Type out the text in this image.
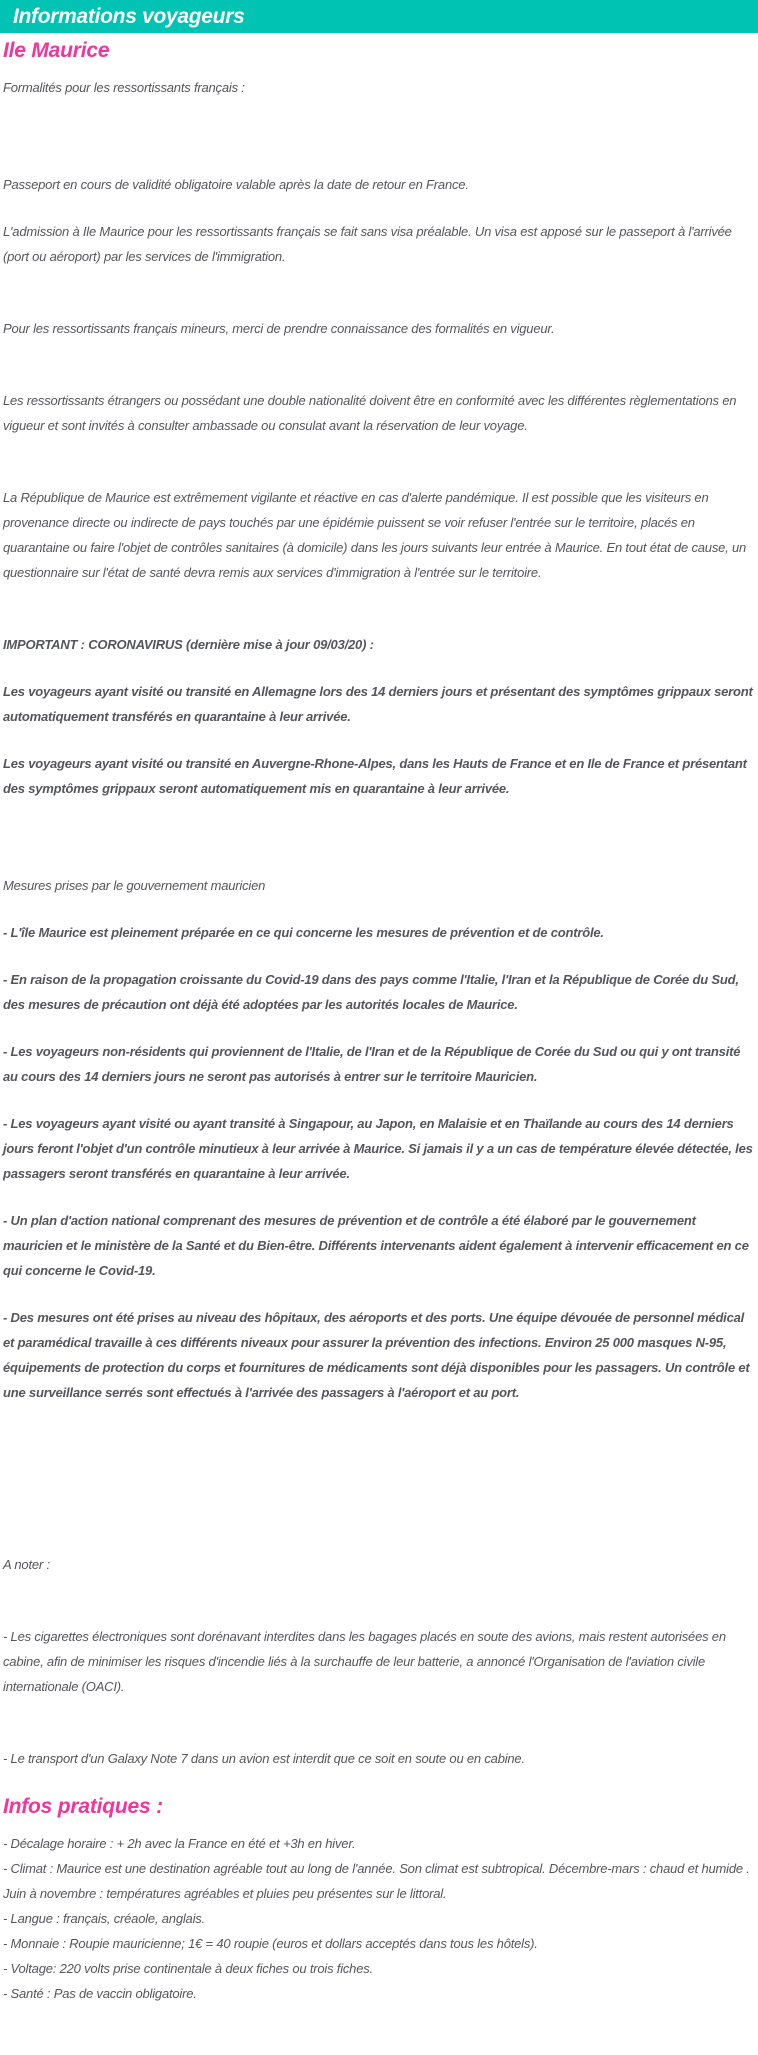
Informations voyageurs
Ile Maurice

Formalités pour les ressortissants français :

Passeport en cours de validité obligatoire valable après la date de retour en France.

L'admission à Ile Maurice pour les ressortissants français se fait sans visa préalable. Un visa est apposé sur le passeport à l'arrivée (port ou aéroport) par les services de l'immigration.

Pour les ressortissants français mineurs, merci de prendre connaissance des formalités en vigueur.

Les ressortissants étrangers ou possédant une double nationalité doivent être en conformité avec les différentes règlementations en vigueur et sont invités à consulter ambassade ou consulat avant la réservation de leur voyage.

La République de Maurice est extrêmement vigilante et réactive en cas d'alerte pandémique. Il est possible que les visiteurs en provenance directe ou indirecte de pays touchés par une épidémie puissent se voir refuser l'entrée sur le territoire, placés en quarantaine ou faire l'objet de contrôles sanitaires (à domicile) dans les jours suivants leur entrée à Maurice. En tout état de cause, un questionnaire sur l'état de santé devra remis aux services d'immigration à l'entrée sur le territoire.

IMPORTANT : CORONAVIRUS (dernière mise à jour 09/03/20) :

Les voyageurs ayant visité ou transité en Allemagne lors des 14 derniers jours et présentant des symptômes grippaux seront automatiquement transférés en quarantaine à leur arrivée.

Les voyageurs ayant visité ou transité en Auvergne-Rhone-Alpes, dans les Hauts de France et en Ile de France et présentant des symptômes grippaux seront automatiquement mis en quarantaine à leur arrivée.

Mesures prises par le gouvernement mauricien

- L'île Maurice est pleinement préparée en ce qui concerne les mesures de prévention et de contrôle.

- En raison de la propagation croissante du Covid-19 dans des pays comme l'Italie, l'Iran et la République de Corée du Sud, des mesures de précaution ont déjà été adoptées par les autorités locales de Maurice.

- Les voyageurs non-résidents qui proviennent de l'Italie, de l'Iran et de la République de Corée du Sud ou qui y ont transité au cours des 14 derniers jours ne seront pas autorisés à entrer sur le territoire Mauricien.

- Les voyageurs ayant visité ou ayant transité à Singapour, au Japon, en Malaisie et en Thaïlande au cours des 14 derniers jours feront l'objet d'un contrôle minutieux à leur arrivée à Maurice. Si jamais il y a un cas de température élevée détectée, les passagers seront transférés en quarantaine à leur arrivée.

- Un plan d'action national comprenant des mesures de prévention et de contrôle a été élaboré par le gouvernement mauricien et le ministère de la Santé et du Bien-être. Différents intervenants aident également à intervenir efficacement en ce qui concerne le Covid-19.

- Des mesures ont été prises au niveau des hôpitaux, des aéroports et des ports. Une équipe dévouée de personnel médical et paramédical travaille à ces différents niveaux pour assurer la prévention des infections. Environ 25 000 masques N-95, équipements de protection du corps et fournitures de médicaments sont déjà disponibles pour les passagers. Un contrôle et une surveillance serrés sont effectués à l'arrivée des passagers à l'aéroport et au port.

A noter :

- Les cigarettes électroniques sont dorénavant interdites dans les bagages placés en soute des avions, mais restent autorisées en cabine, afin de minimiser les risques d'incendie liés à la surchauffe de leur batterie, a annoncé l'Organisation de l'aviation civile internationale (OACI).

- Le transport d'un Galaxy Note 7 dans un avion est interdit que ce soit en soute ou en cabine.

Infos pratiques :

- Décalage horaire : + 2h avec la France en été et +3h en hiver.

- Climat : Maurice est une destination agréable tout au long de l'année. Son climat est subtropical. Décembre-mars : chaud et humide . Juin à novembre : températures agréables et pluies peu présentes sur le littoral.

- Langue : français, créaole, anglais.

- Monnaie : Roupie mauricienne; 1€ = 40 roupie (euros et dollars acceptés dans tous les hôtels).

- Voltage: 220 volts prise continentale à deux fiches ou trois fiches.

- Santé : Pas de vaccin obligatoire.
